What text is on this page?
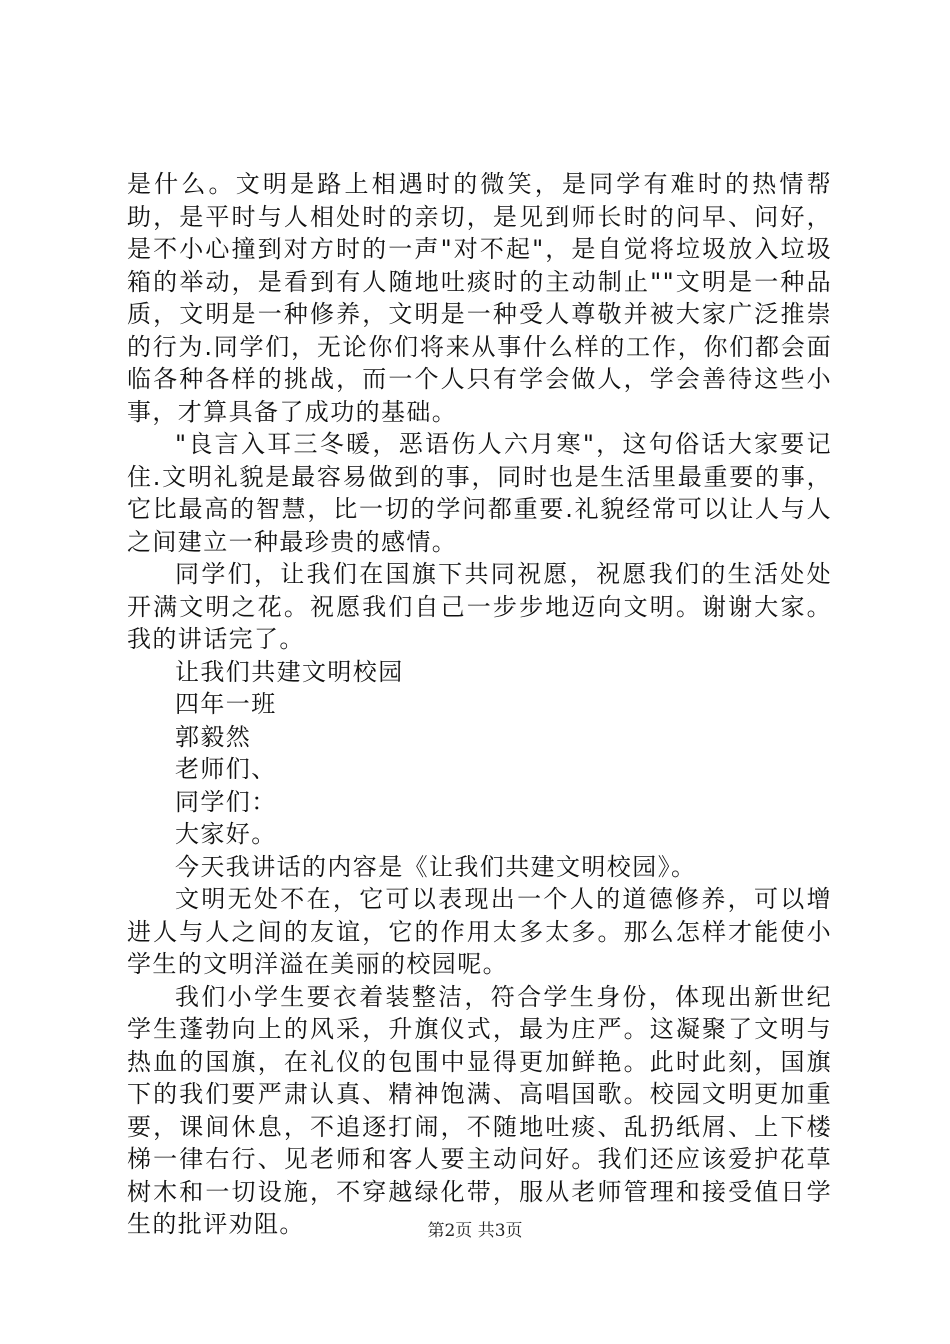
是什么。文明是路上相遇时的微笑，是同学有难时的热情帮助，是平时与人相处时的亲切，是见到师长时的问早、问好，是不小心撞到对方时的一声"对不起"，是自觉将垃圾放入垃圾箱的举动，是看到有人随地吐痰时的主动制止""文明是一种品质，文明是一种修养，文明是一种受人尊敬并被大家广泛推崇的行为.同学们，无论你们将来从事什么样的工作，你们都会面临各种各样的挑战，而一个人只有学会做人，学会善待这些小事，才算具备了成功的基础。

"良言入耳三冬暖，恶语伤人六月寒"，这句俗话大家要记住.文明礼貌是最容易做到的事，同时也是生活里最重要的事，它比最高的智慧，比一切的学问都重要.礼貌经常可以让人与人之间建立一种最珍贵的感情。

同学们，让我们在国旗下共同祝愿，祝愿我们的生活处处开满文明之花。祝愿我们自己一步步地迈向文明。谢谢大家。我的讲话完了。

让我们共建文明校园

四年一班

郭毅然

老师们、

同学们：

大家好。

今天我讲话的内容是《让我们共建文明校园》。

文明无处不在，它可以表现出一个人的道德修养，可以增进人与人之间的友谊，它的作用太多太多。那么怎样才能使小学生的文明洋溢在美丽的校园呢。

我们小学生要衣着装整洁，符合学生身份，体现出新世纪学生蓬勃向上的风采，升旗仪式，最为庄严。这凝聚了文明与热血的国旗，在礼仪的包围中显得更加鲜艳。此时此刻，国旗下的我们要严肃认真、精神饱满、高唱国歌。校园文明更加重要，课间休息，不追逐打闹，不随地吐痰、乱扔纸屑、上下楼梯一律右行、见老师和客人要主动问好。我们还应该爱护花草树木和一切设施，不穿越绿化带，服从老师管理和接受值日学生的批评劝阻。	第2页 共3页
